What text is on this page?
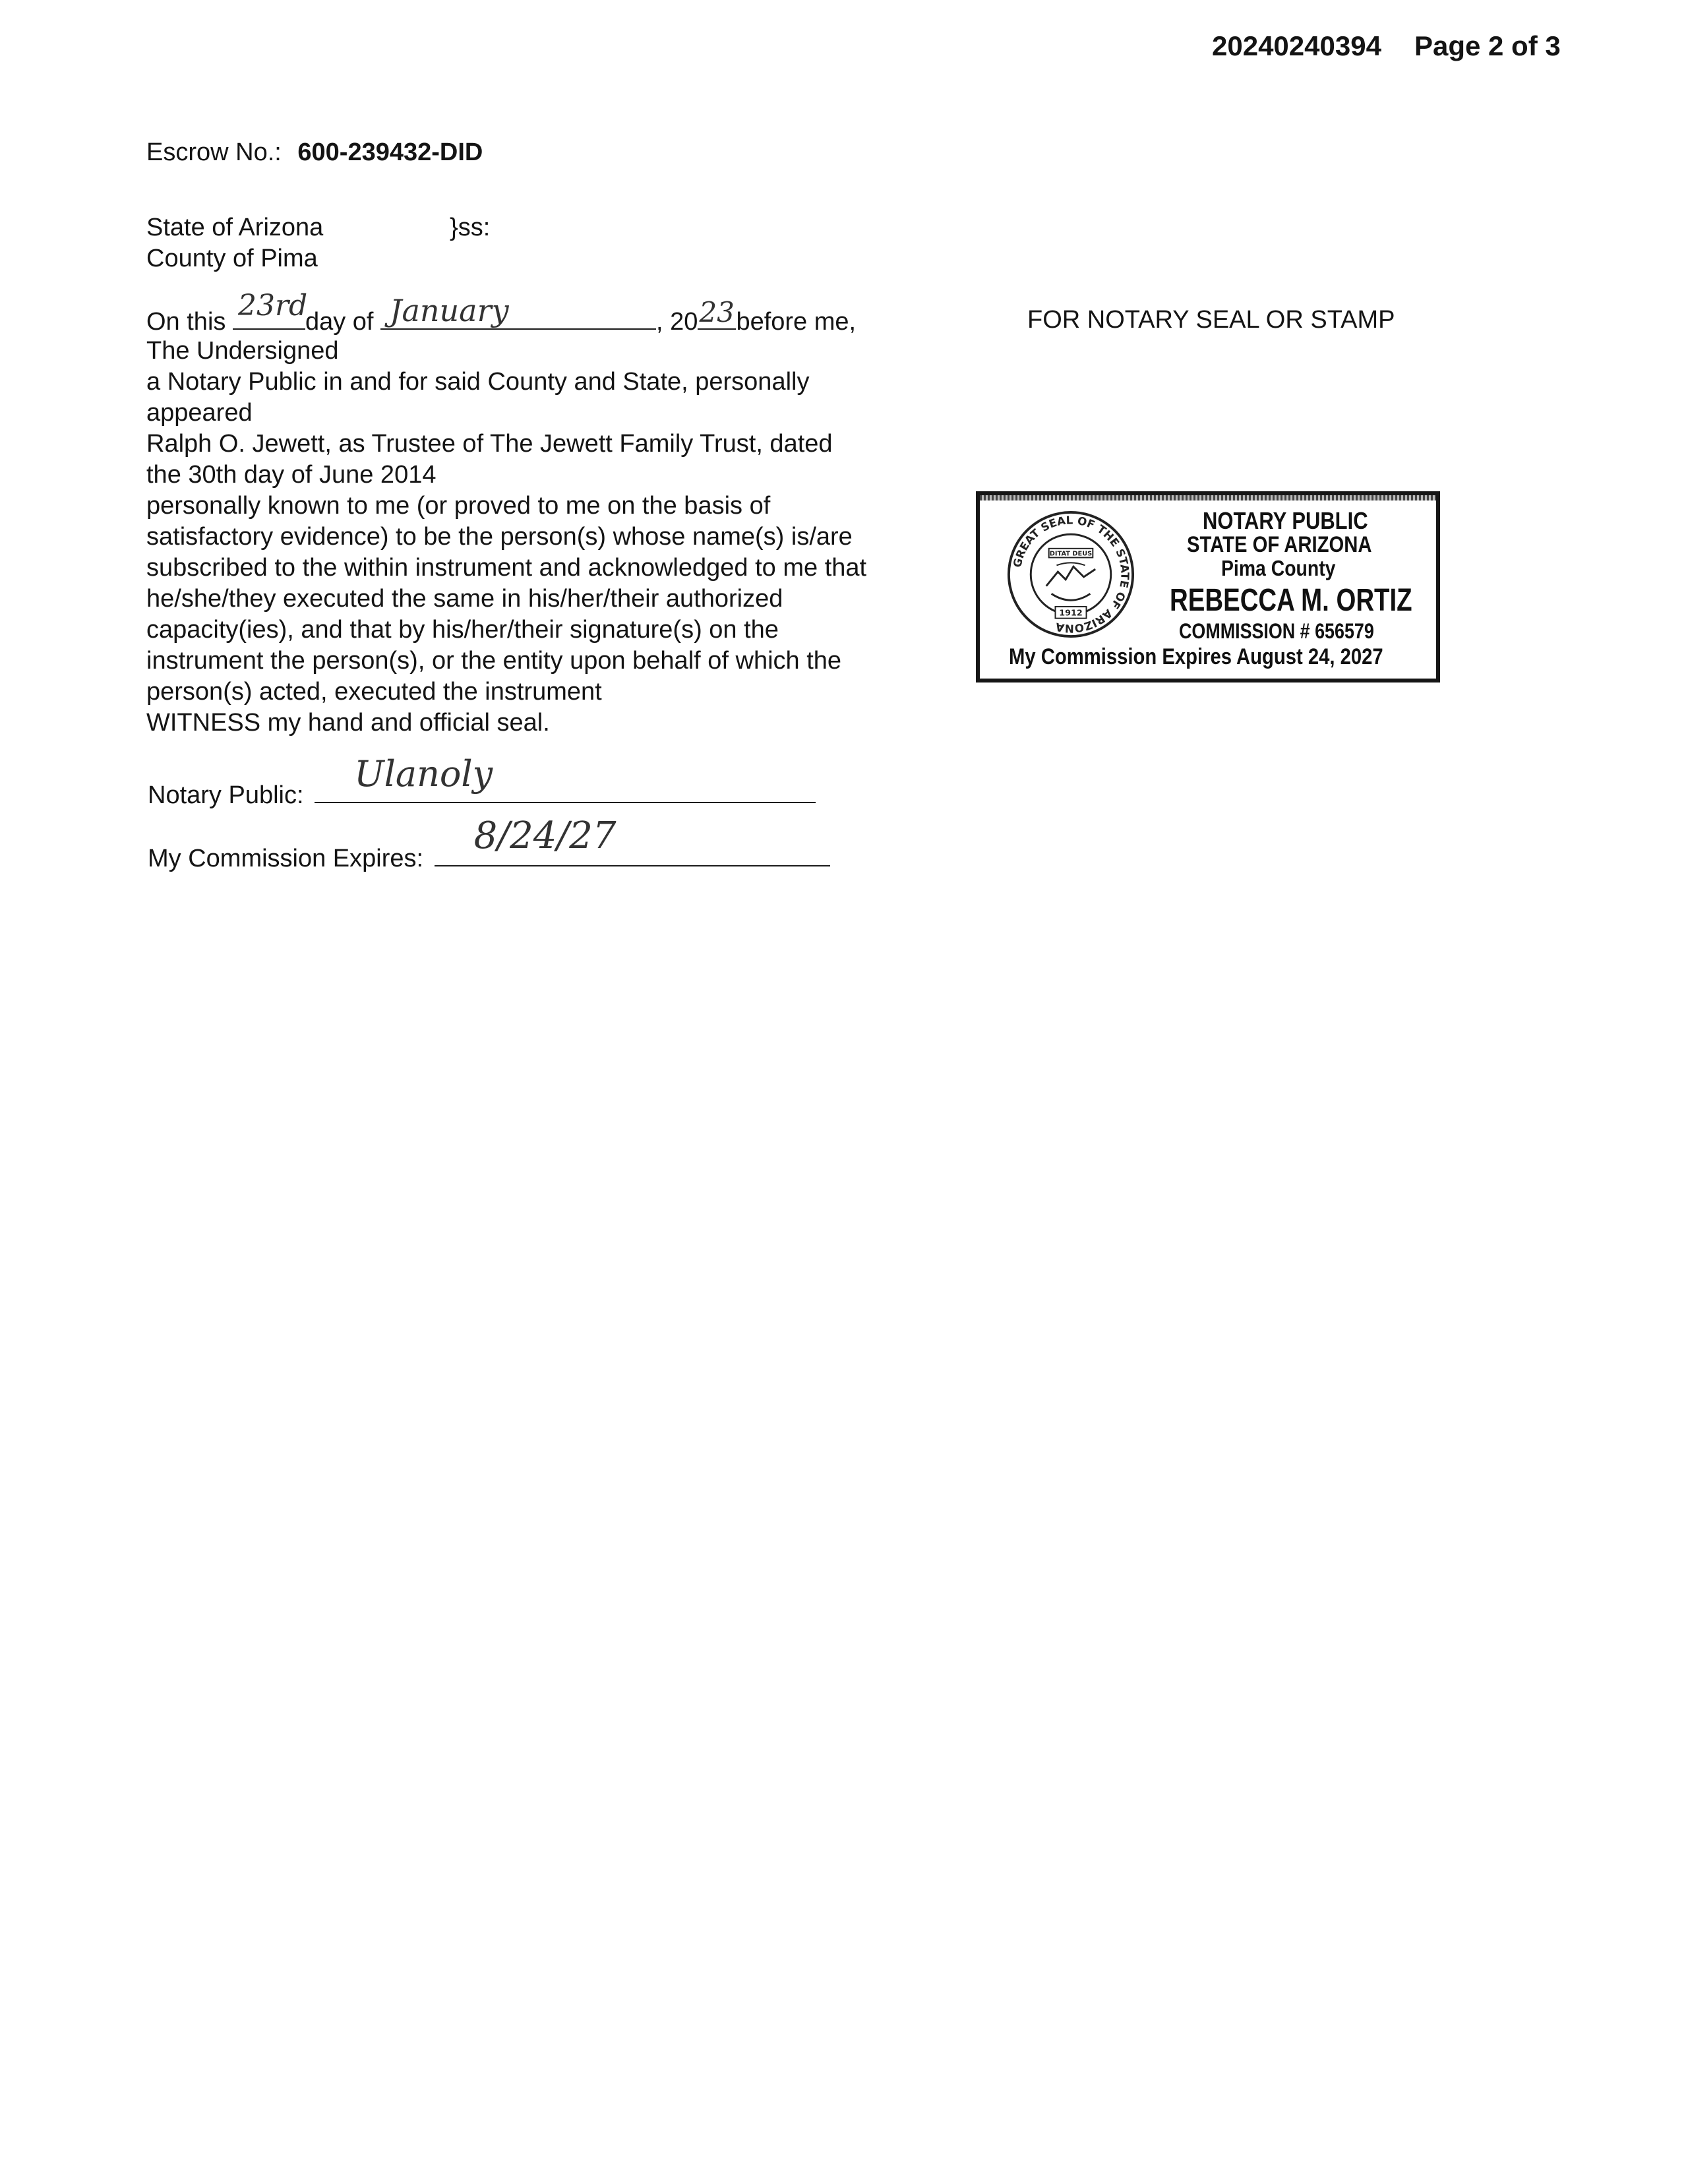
20240240394 Page 2 of 3
Escrow No.: 600-239432-DID
State of Arizona	}ss:
County of Pima
On this 23rd
day of January	, 20 23 before me,
The Undersigned
a Notary Public in and for said County and State, personally
appeared
Ralph O. Jewett, as Trustee of The Jewett Family Trust, dated
the 30th day of June 2014
personally known to me (or proved to me on the basis of
satisfactory evidence) to be the person(s) whose name(s) is/are
subscribed to the within instrument and acknowledged to me that
he/she/they executed the same in his/her/their authorized
capacity(ies), and that by his/her/their signature(s) on the
instrument the person(s), or the entity upon behalf of which the
person(s) acted, executed the instrument
WITNESS my hand and official seal.
Notary Public:
Ulanoly
My Commission Expires:
8/24/27
FOR NOTARY SEAL OR STAMP
GREAT SEAL OF THE STATE OF ARIZONA
DITAT DEUS
1912
NOTARY PUBLIC
STATE OF ARIZONA
Pima County
REBECCA M. ORTIZ
COMMISSION # 656579
My Commission Expires August 24, 2027
